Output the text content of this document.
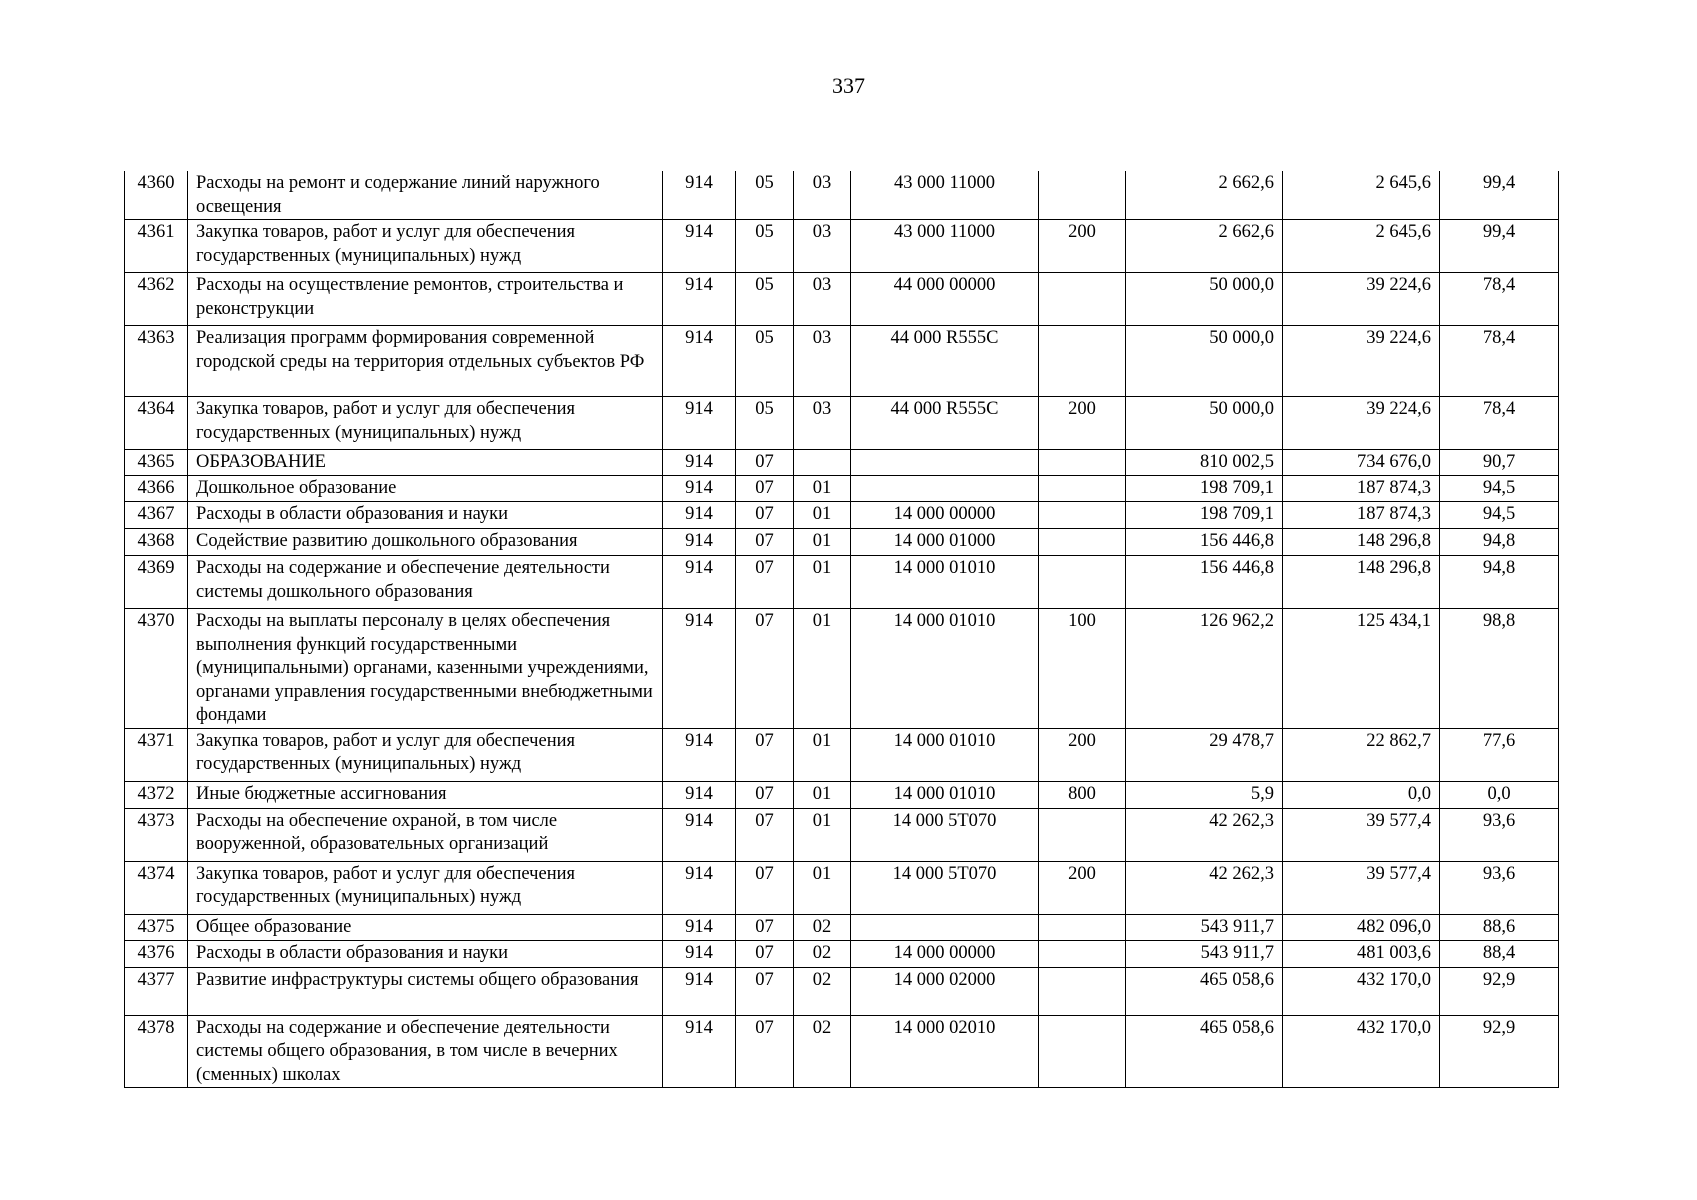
337
4360	Расходы на ремонт и содержание линий наружного освещения	914	05	03	43 000 11000		2 662,6	2 645,6	99,4
4361	Закупка товаров, работ и услуг для обеспечения государственных (муниципальных) нужд	914	05	03	43 000 11000	200	2 662,6	2 645,6	99,4
4362	Расходы на осуществление ремонтов, строительства и реконструкции	914	05	03	44 000 00000		50 000,0	39 224,6	78,4
4363	Реализация программ формирования современной городской среды на территория отдельных субъектов РФ	914	05	03	44 000 R555C		50 000,0	39 224,6	78,4
4364	Закупка товаров, работ и услуг для обеспечения государственных (муниципальных) нужд	914	05	03	44 000 R555C	200	50 000,0	39 224,6	78,4
4365	ОБРАЗОВАНИЕ	914	07				810 002,5	734 676,0	90,7
4366	Дошкольное образование	914	07	01			198 709,1	187 874,3	94,5
4367	Расходы в области образования и науки	914	07	01	14 000 00000		198 709,1	187 874,3	94,5
4368	Содействие развитию дошкольного образования	914	07	01	14 000 01000		156 446,8	148 296,8	94,8
4369	Расходы на содержание и обеспечение деятельности системы дошкольного образования	914	07	01	14 000 01010		156 446,8	148 296,8	94,8
4370	Расходы на выплаты персоналу в целях обеспечения выполнения функций государственными (муниципальными) органами, казенными учреждениями, органами управления государственными внебюджетными фондами	914	07	01	14 000 01010	100	126 962,2	125 434,1	98,8
4371	Закупка товаров, работ и услуг для обеспечения государственных (муниципальных) нужд	914	07	01	14 000 01010	200	29 478,7	22 862,7	77,6
4372	Иные бюджетные ассигнования	914	07	01	14 000 01010	800	5,9	0,0	0,0
4373	Расходы на обеспечение охраной, в том числе вооруженной, образовательных организаций	914	07	01	14 000 5T070		42 262,3	39 577,4	93,6
4374	Закупка товаров, работ и услуг для обеспечения государственных (муниципальных) нужд	914	07	01	14 000 5T070	200	42 262,3	39 577,4	93,6
4375	Общее образование	914	07	02			543 911,7	482 096,0	88,6
4376	Расходы в области образования и науки	914	07	02	14 000 00000		543 911,7	481 003,6	88,4
4377	Развитие инфраструктуры системы общего образования	914	07	02	14 000 02000		465 058,6	432 170,0	92,9
4378	Расходы на содержание и обеспечение деятельности системы общего образования, в том числе в вечерних (сменных) школах	914	07	02	14 000 02010		465 058,6	432 170,0	92,9
